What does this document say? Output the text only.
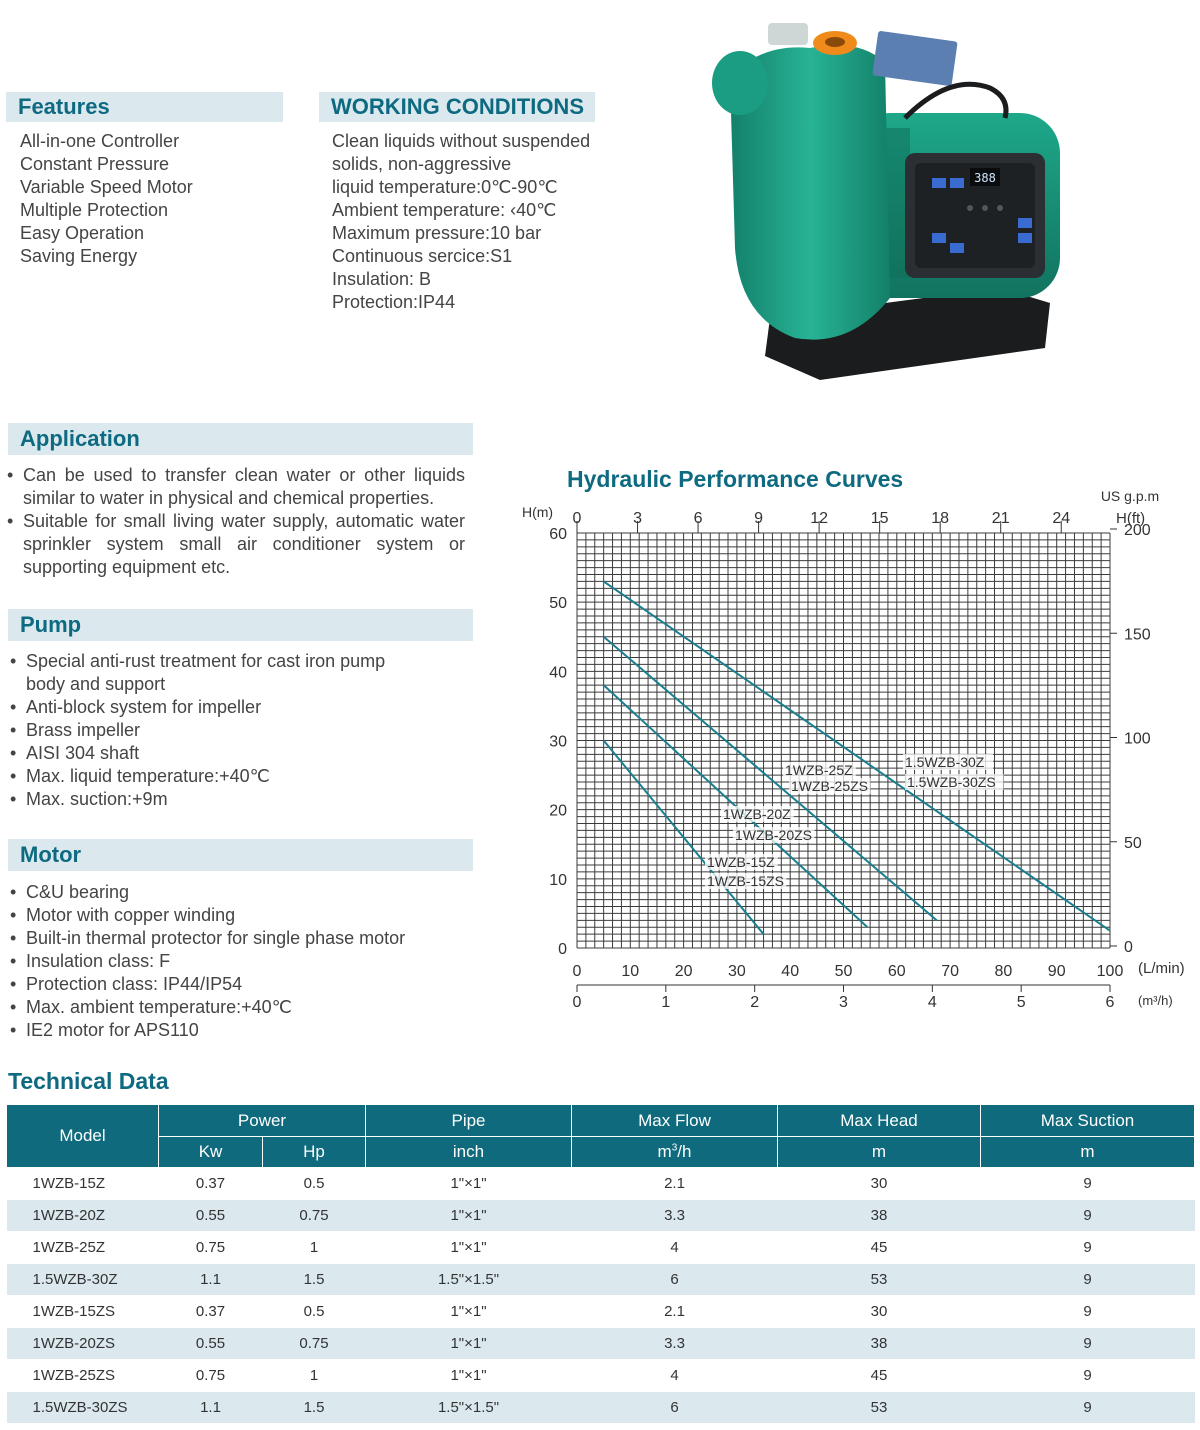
Features
All-in-one Controller
Constant Pressure
Variable Speed Motor
Multiple Protection
Easy Operation
Saving Energy
WORKING CONDITIONS
Clean liquids without suspended
solids, non-aggressive
liquid temperature:0℃-90℃
Ambient temperature: ‹40℃
Maximum pressure:10 bar
Continuous sercice:S1
Insulation: B
Protection:IP44
388
Application
• Can be used to transfer clean water or other liquids similar to water in physical and chemical properties.
• Suitable for small living water supply, automatic water sprinkler system small air conditioner system or supporting equipment etc.
Pump
• Special anti-rust treatment for cast iron pump body and support
• Anti-block system for impeller
• Brass impeller
• AISI 304 shaft
• Max. liquid temperature:+40℃
• Max. suction:+9m
Motor
• C&U bearing
• Motor with copper winding
• Built-in thermal protector for single phase motor
• Insulation class: F
• Protection class: IP44/IP54
• Max. ambient temperature:+40℃
• IE2 motor for APS110
Hydraulic Performance Curves
0
10
20
30
40
50
60
0
50
100
150
200
0	3	6	9	12	15	18	21	24
0 10 20 30 40 50 60 70 80 90 100
0	1	2	3	4	5	6
H(m)	H(ft)
US g.p.m
(L/min)
(m³/h)
1WZB-15Z
1WZB-15ZS
1WZB-20Z
1WZB-20ZS
1WZB-25Z
1WZB-25ZS
1.5WZB-30Z
1.5WZB-30ZS
Technical Data
Model	Power		Pipe	Max Flow	Max Head	Max Suction
	Kw	Hp	inch	$m^3/h$	m	m
1WZB-15Z	0.37	0.5	1"×1"	2.1	30	9
1WZB-20Z	0.55	0.75	1"×1"	3.3	38	9
1WZB-25Z	0.75	1	1"×1"	4	45	9
1.5WZB-30Z	1.1	1.5	1.5"×1.5"	6	53	9
1WZB-15ZS	0.37	0.5	1"×1"	2.1	30	9
1WZB-20ZS	0.55	0.75	1"×1"	3.3	38	9
1WZB-25ZS	0.75	1	1"×1"	4	45	9
1.5WZB-30ZS	1.1	1.5	1.5"×1.5"	6	53	9
